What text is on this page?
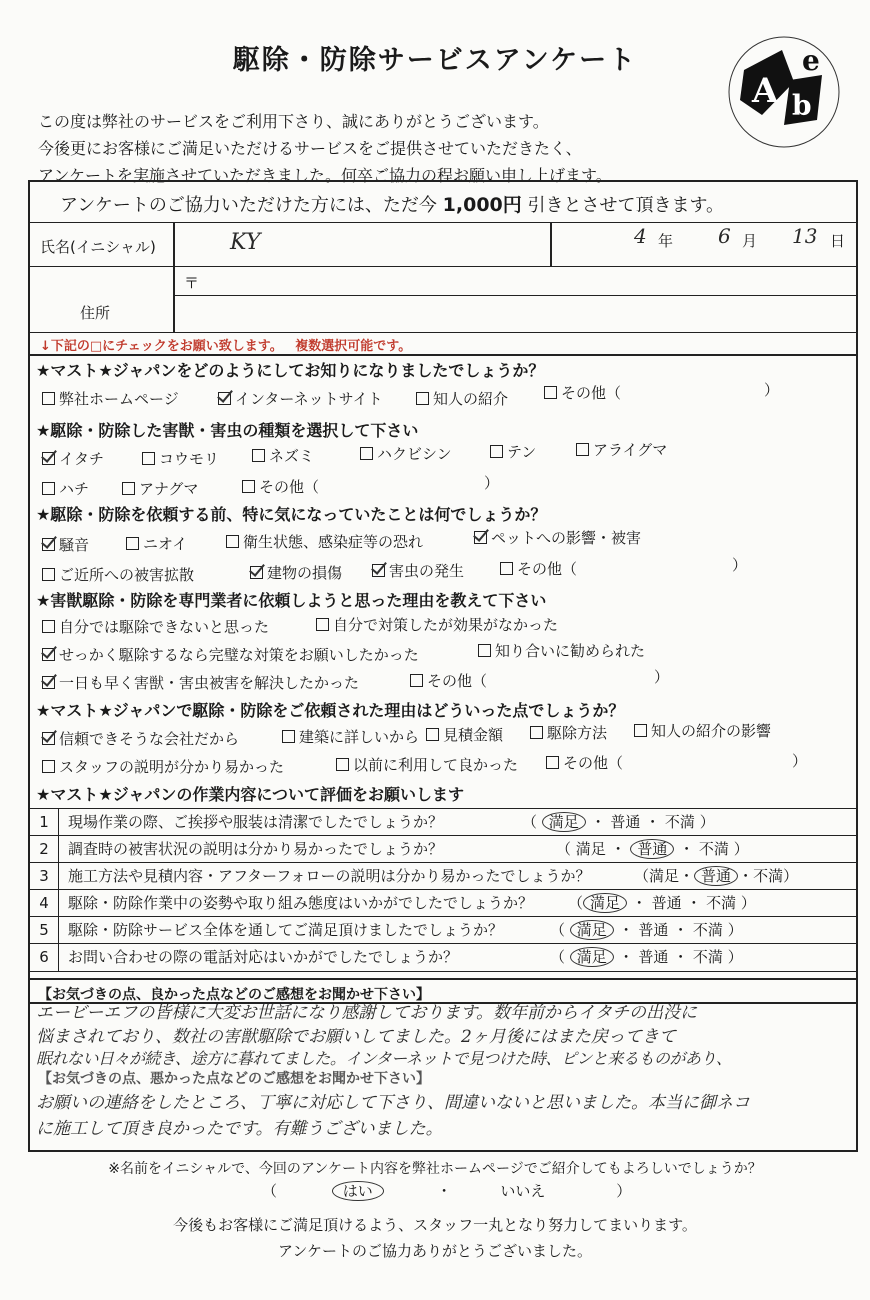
駆除・防除サービスアンケート
この度は弊社のサービスをご利用下さり、誠にありがとうございます。
今後更にお客様にご満足いただけるサービスをご提供させていただきたく、
アンケートを実施させていただきました。何卒ご協力の程お願い申し上げます。
A b
e
アンケートのご協力いただけた方には、ただ今 1,000円 引きとさせて頂きます。
氏名(イニシャル)	KY	4 年 6 月 13 日
住所
〒
↓下記の□にチェックをお願い致します。 複数選択可能です。
★マスト★ジャパンをどのようにしてお知りになりましたでしょうか？
弊社ホームページ	インターネットサイト	知人の紹介	その他（	）
★駆除・防除した害獣・害虫の種類を選択して下さい
イタチ	コウモリ	ネズミ	ハクビシン	テン	アライグマ
ハチ	アナグマ	その他（	）
★駆除・防除を依頼する前、特に気になっていたことは何でしょうか？
騒音	ニオイ	衛生状態、感染症等の恐れ	ペットへの影響・被害
ご近所への被害拡散	建物の損傷	害虫の発生	その他（	）
★害獣駆除・防除を専門業者に依頼しようと思った理由を教えて下さい
自分では駆除できないと思った	自分で対策したが効果がなかった
せっかく駆除するなら完璧な対策をお願いしたかった	知り合いに勧められた
一日も早く害獣・害虫被害を解決したかった	その他（	）
★マスト★ジャパンで駆除・防除をご依頼された理由はどういった点でしょうか？
信頼できそうな会社だから	建築に詳しいから	見積金額	駆除方法	知人の紹介の影響
スタッフの説明が分かり易かった	以前に利用して良かった	その他（	）
★マスト★ジャパンの作業内容について評価をお願いします
1	現場作業の際、ご挨拶や服装は清潔でしたでしょうか？	（ 満足 ・ 普通 ・ 不満 ）
2	調査時の被害状況の説明は分かり易かったでしょうか？	（ 満足 ・ 普通 ・ 不満 ）
3	施工方法や見積内容・アフターフォローの説明は分かり易かったでしょうか？	（満足・ 普通 ・不満）
4	駆除・防除作業中の姿勢や取り組み態度はいかがでしたでしょうか？ （ 満足 ・ 普通 ・ 不満 ）
5	駆除・防除サービス全体を通してご満足頂けましたでしょうか？	（ 満足 ・ 普通 ・ 不満 ）
6	お問い合わせの際の電話対応はいかがでしたでしょうか？	（ 満足 ・ 普通 ・ 不満 ）
【お気づきの点、良かった点などのご感想をお聞かせ下さい】
【お気づきの点、悪かった点などのご感想をお聞かせ下さい】
エービーエフの皆様に大変お世話になり感謝しております。数年前からイタチの出没に
悩まされており、数社の害獣駆除でお願いしてました。2ヶ月後にはまた戻ってきて
眠れない日々が続き、途方に暮れてました。インターネットで見つけた時、ピンと来るものがあり、
お願いの連絡をしたところ、丁寧に対応して下さり、間違いないと思いました。本当に御ネコ
に施工して頂き良かったです。有難うございました。
※名前をイニシャルで、今回のアンケート内容を弊社ホームページでご紹介してもよろしいでしょうか？
（	はい	・	いいえ	）
今後もお客様にご満足頂けるよう、スタッフ一丸となり努力してまいります。
アンケートのご協力ありがとうございました。
